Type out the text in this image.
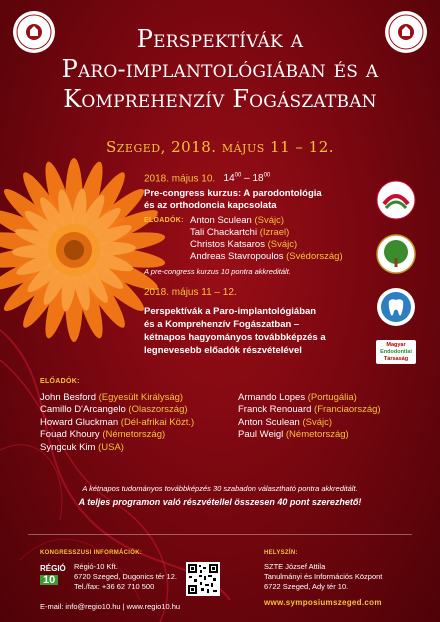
Perspektívák a
Paro-implantológiában és a
Komprehenzív Fogászatban
Szeged, 2018. május 11 – 12.
2018. május 10. $14^{00} - 18^{00}$
Pre-congress kurzus: A parodontológia
és az orthodoncia kapcsolata
ELŐADÓK: Anton Sculean (Svájc)
Tali Chackartchi (Izrael)
Christos Katsaros (Svájc)
Andreas Stavropoulos (Svédország)
A pre-congress kurzus 10 pontra akkreditált.
2018. május 11 – 12.
Perspektívák a Paro-implantológiában
és a Komprehenzív Fogászatban –
kétnapos hagyományos továbbképzés a
legnevesebb előadók részvételével
Magyar
Endodontiai
Társaság
ELŐADÓK:
John Besford (Egyesült Királyság)
Camillo D'Arcangelo (Olaszország)
Howard Gluckman (Dél-afrikai Közt.)
Fouad Khoury (Németország)
Syngcuk Kim (USA)
Armando Lopes (Portugália)
Franck Renouard (Franciaország)
Anton Sculean (Svájc)
Paul Weigl (Németország)
A kétnapos tudományos továbbképzés 30 szabadon választható pontra akkreditált.
A teljes programon való részvétellel összesen 40 pont szerezhető!
KONGRESSZUSI INFORMÁCIÓK:
RÉGIÓ
10
Régió-10 Kft.
6720 Szeged, Dugonics tér 12.
Tel./fax: +36 62 710 500
E-mail: info@regio10.hu | www.regio10.hu
HELYSZÍN:
SZTE József Attila
Tanulmányi és Információs Központ
6722 Szeged, Ady tér 10.
www.symposiumszeged.com
